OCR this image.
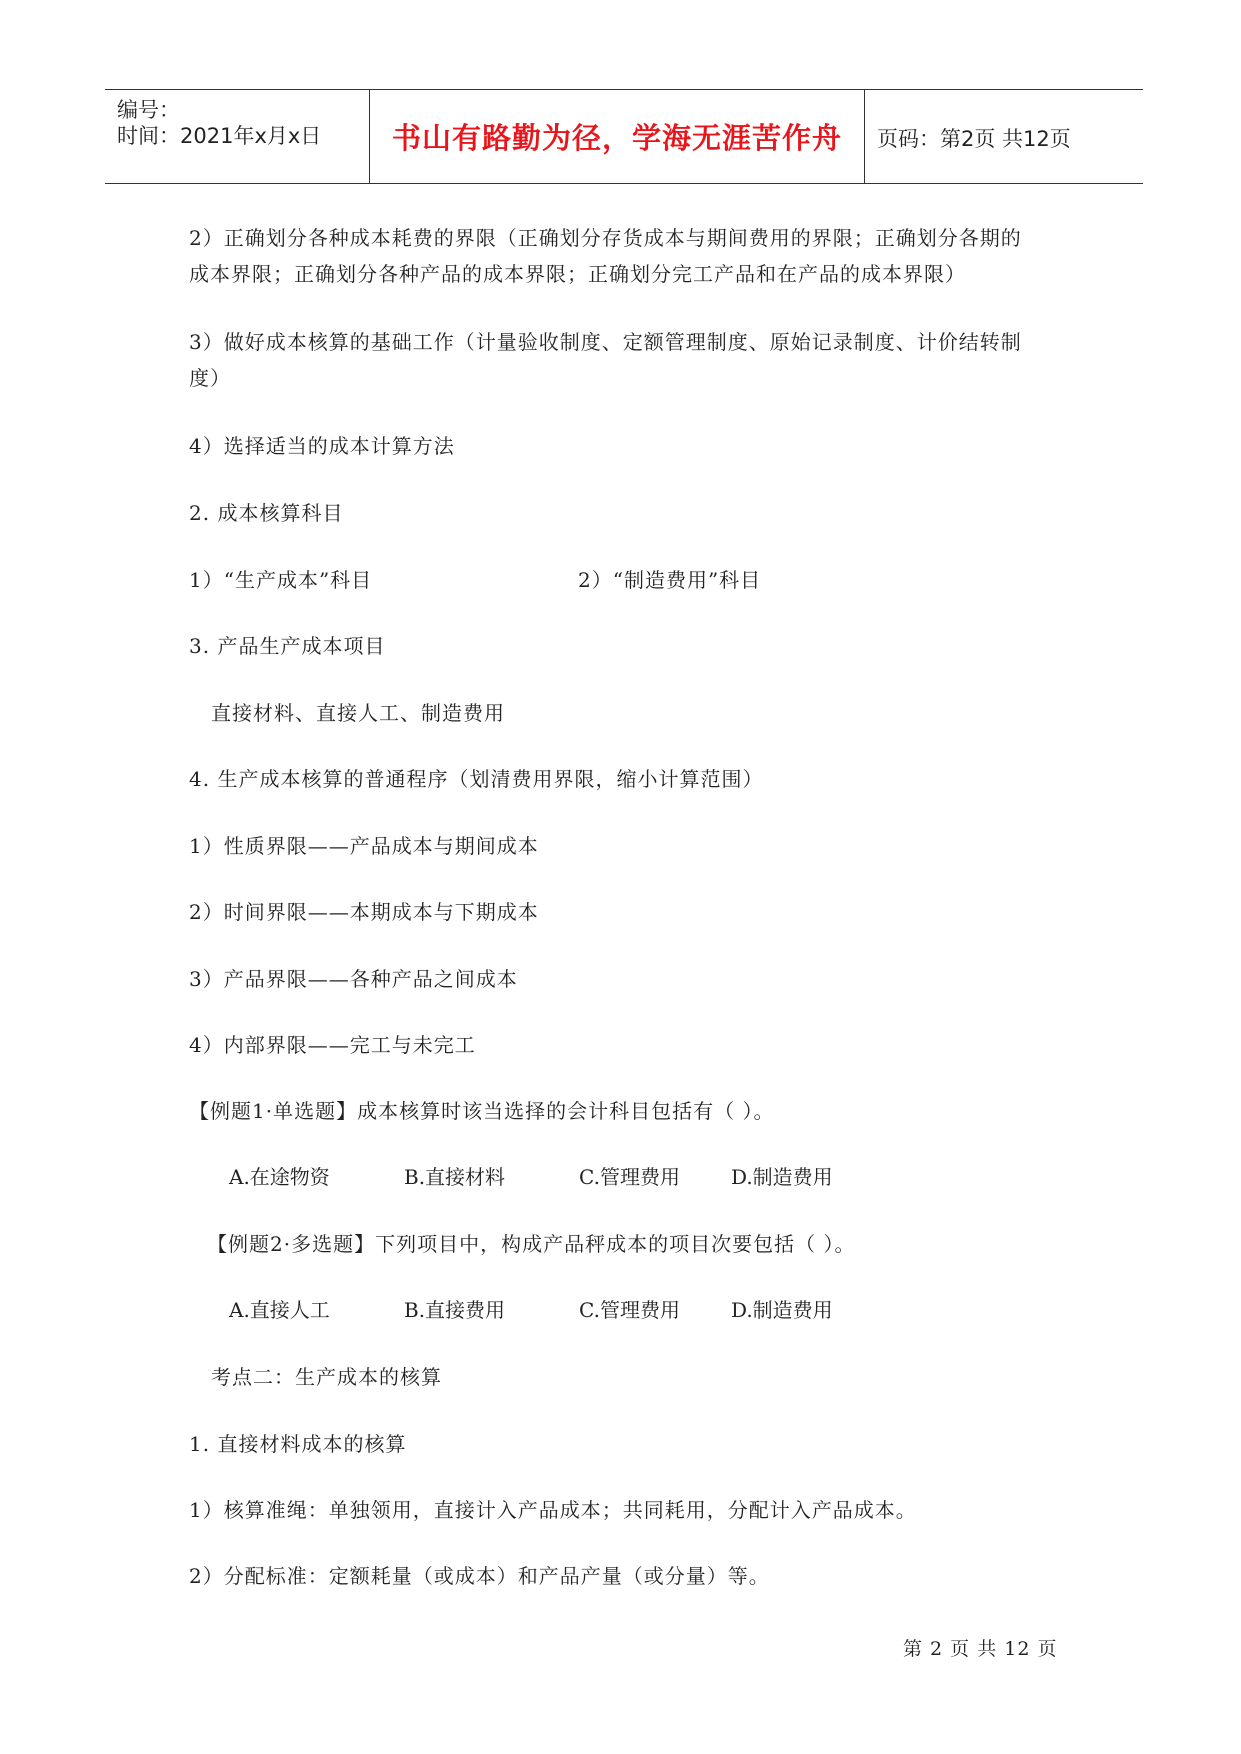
编号：
时间：2021年x月x日	书山有路勤为径，学海无涯苦作舟	页码：第2页 共12页
2）正确划分各种成本耗费的界限（正确划分存货成本与期间费用的界限；正确划分各期的
成本界限；正确划分各种产品的成本界限；正确划分完工产品和在产品的成本界限）
3）做好成本核算的基础工作（计量验收制度、定额管理制度、原始记录制度、计价结转制
度）
4）选择适当的成本计算方法
2. 成本核算科目
1）“生产成本”科目	2）“制造费用”科目
3. 产品生产成本项目
直接材料、直接人工、制造费用
4. 生产成本核算的普通程序（划清费用界限，缩小计算范围）
1）性质界限——产品成本与期间成本
2）时间界限——本期成本与下期成本
3）产品界限——各种产品之间成本
4）内部界限——完工与未完工
【例题1·单选题】成本核算时该当选择的会计科目包括有（ ）。
A.在途物资	B.直接材料	C.管理费用	D.制造费用
【例题2·多选题】下列项目中，构成产品秤成本的项目次要包括（ ）。
A.直接人工	B.直接费用	C.管理费用	D.制造费用
考点二：生产成本的核算
1. 直接材料成本的核算
1）核算准绳：单独领用，直接计入产品成本；共同耗用，分配计入产品成本。
2）分配标准：定额耗量（或成本）和产品产量（或分量）等。
第 2 页 共 12 页
